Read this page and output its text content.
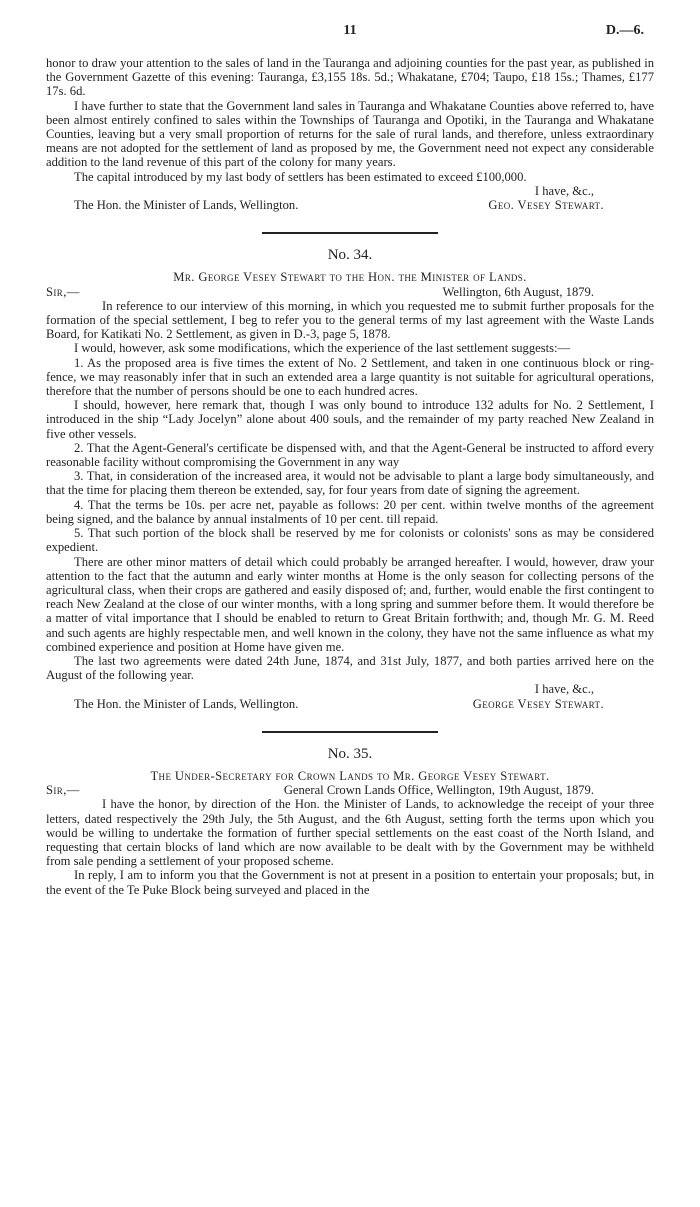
11	D.—6.

honor to draw your attention to the sales of land in the Tauranga and adjoining counties for the past year, as published in the Government Gazette of this evening: Tauranga, £3,155 18s. 5d.; Whakatane, £704; Taupo, £18 15s.; Thames, £177 17s. 6d.

I have further to state that the Government land sales in Tauranga and Whakatane Counties above referred to, have been almost entirely confined to sales within the Townships of Tauranga and Opotiki, in the Tauranga and Whakatane Counties, leaving but a very small proportion of returns for the sale of rural lands, and therefore, unless extraordinary means are not adopted for the settlement of land as proposed by me, the Government need not expect any considerable addition to the land revenue of this part of the colony for many years.

The capital introduced by my last body of settlers has been estimated to exceed £100,000.

I have, &c.,

The Hon. the Minister of Lands, Wellington.	Geo. Vesey Stewart.
No. 34.
Mr. George Vesey Stewart to the Hon. the Minister of Lands.
Sir,—	Wellington, 6th August, 1879.

In reference to our interview of this morning, in which you requested me to submit further proposals for the formation of the special settlement, I beg to refer you to the general terms of my last agreement with the Waste Lands Board, for Katikati No. 2 Settlement, as given in D.-3, page 5, 1878.

I would, however, ask some modifications, which the experience of the last settlement suggests:—

1. As the proposed area is five times the extent of No. 2 Settlement, and taken in one continuous block or ring-fence, we may reasonably infer that in such an extended area a large quantity is not suitable for agricultural operations, therefore that the number of persons should be one to each hundred acres.

I should, however, here remark that, though I was only bound to introduce 132 adults for No. 2 Settlement, I introduced in the ship “Lady Jocelyn” alone about 400 souls, and the remainder of my party reached New Zealand in five other vessels.

2. That the Agent-General's certificate be dispensed with, and that the Agent-General be instructed to afford every reasonable facility without compromising the Government in any way

3. That, in consideration of the increased area, it would not be advisable to plant a large body simultaneously, and that the time for placing them thereon be extended, say, for four years from date of signing the agreement.

4. That the terms be 10s. per acre net, payable as follows: 20 per cent. within twelve months of the agreement being signed, and the balance by annual instalments of 10 per cent. till repaid.

5. That such portion of the block shall be reserved by me for colonists or colonists' sons as may be considered expedient.

There are other minor matters of detail which could probably be arranged hereafter. I would, however, draw your attention to the fact that the autumn and early winter months at Home is the only season for collecting persons of the agricultural class, when their crops are gathered and easily disposed of; and, further, would enable the first contingent to reach New Zealand at the close of our winter months, with a long spring and summer before them. It would therefore be a matter of vital importance that I should be enabled to return to Great Britain forthwith; and, though Mr. G. M. Reed and such agents are highly respectable men, and well known in the colony, they have not the same influence as what my combined experience and position at Home have given me.

The last two agreements were dated 24th June, 1874, and 31st July, 1877, and both parties arrived here on the August of the following year.

I have, &c.,

The Hon. the Minister of Lands, Wellington.	George Vesey Stewart.
No. 35.
The Under-Secretary for Crown Lands to Mr. George Vesey Stewart.
Sir,—	General Crown Lands Office, Wellington, 19th August, 1879.

I have the honor, by direction of the Hon. the Minister of Lands, to acknowledge the receipt of your three letters, dated respectively the 29th July, the 5th August, and the 6th August, setting forth the terms upon which you would be willing to undertake the formation of further special settlements on the east coast of the North Island, and requesting that certain blocks of land which are now available to be dealt with by the Government may be withheld from sale pending a settlement of your proposed scheme.

In reply, I am to inform you that the Government is not at present in a position to entertain your proposals; but, in the event of the Te Puke Block being surveyed and placed in the
